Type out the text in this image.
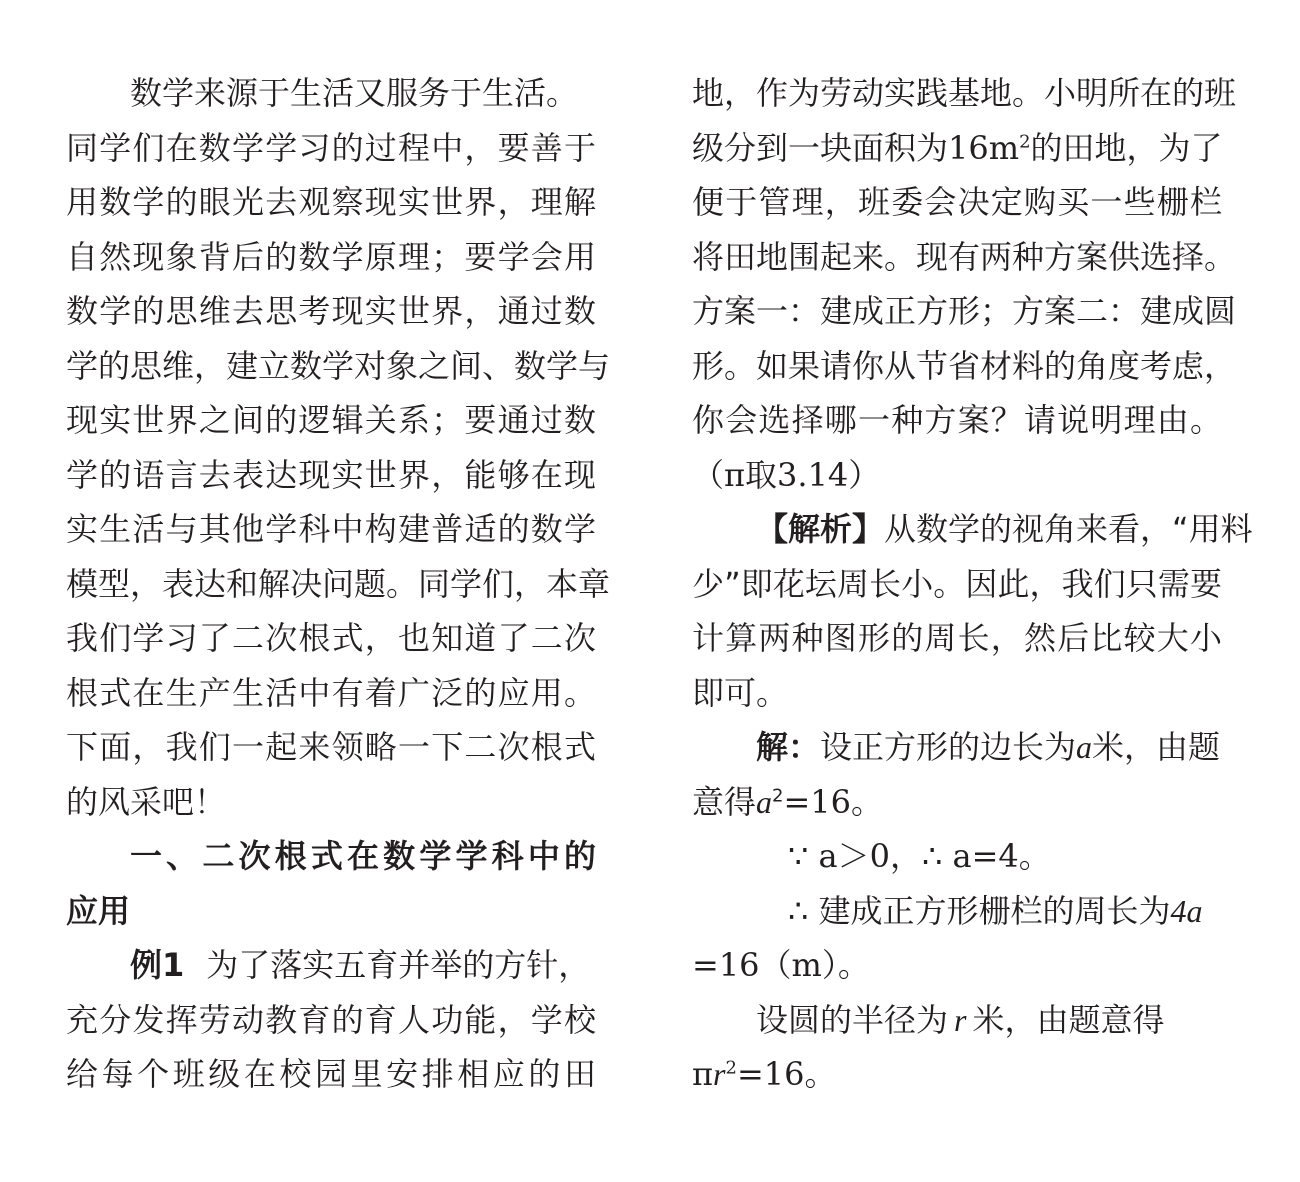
数学来源于生活又服务于生活。
同学们在数学学习的过程中，要善于
用数学的眼光去观察现实世界，理解
自然现象背后的数学原理；要学会用
数学的思维去思考现实世界，通过数
学的思维，建立数学对象之间、数学与
现实世界之间的逻辑关系；要通过数
学的语言去表达现实世界，能够在现
实生活与其他学科中构建普适的数学
模型，表达和解决问题。同学们，本章
我们学习了二次根式，也知道了二次
根式在生产生活中有着广泛的应用。
下面，我们一起来领略一下二次根式
的风采吧！
一、二次根式在数学学科中的
应用
例1 为了落实五育并举的方针，
充分发挥劳动教育的育人功能，学校
给每个班级在校园里安排相应的田
地，作为劳动实践基地。小明所在的班
级分到一块面积为$16m^2$ 的田地，为了
便于管理，班委会决定购买一些栅栏
将田地围起来。现有两种方案供选择。
方案一：建成正方形；方案二：建成圆
形。如果请你从节省材料的角度考虑，
你会选择哪一种方案？请说明理由。
（π取3.14）
【解析】从数学的视角来看，“用料
少”即花坛周长小。因此，我们只需要
计算两种图形的周长，然后比较大小
即可。
解：设正方形的边长为a米，由题
意得$a^2=16$。
∵ a＞0，∴ a=4。
∴ 建成正方形栅栏的周长为4a
=16（m）。
设圆的半径为 r 米，由题意得
$\pi r^2=16$。
